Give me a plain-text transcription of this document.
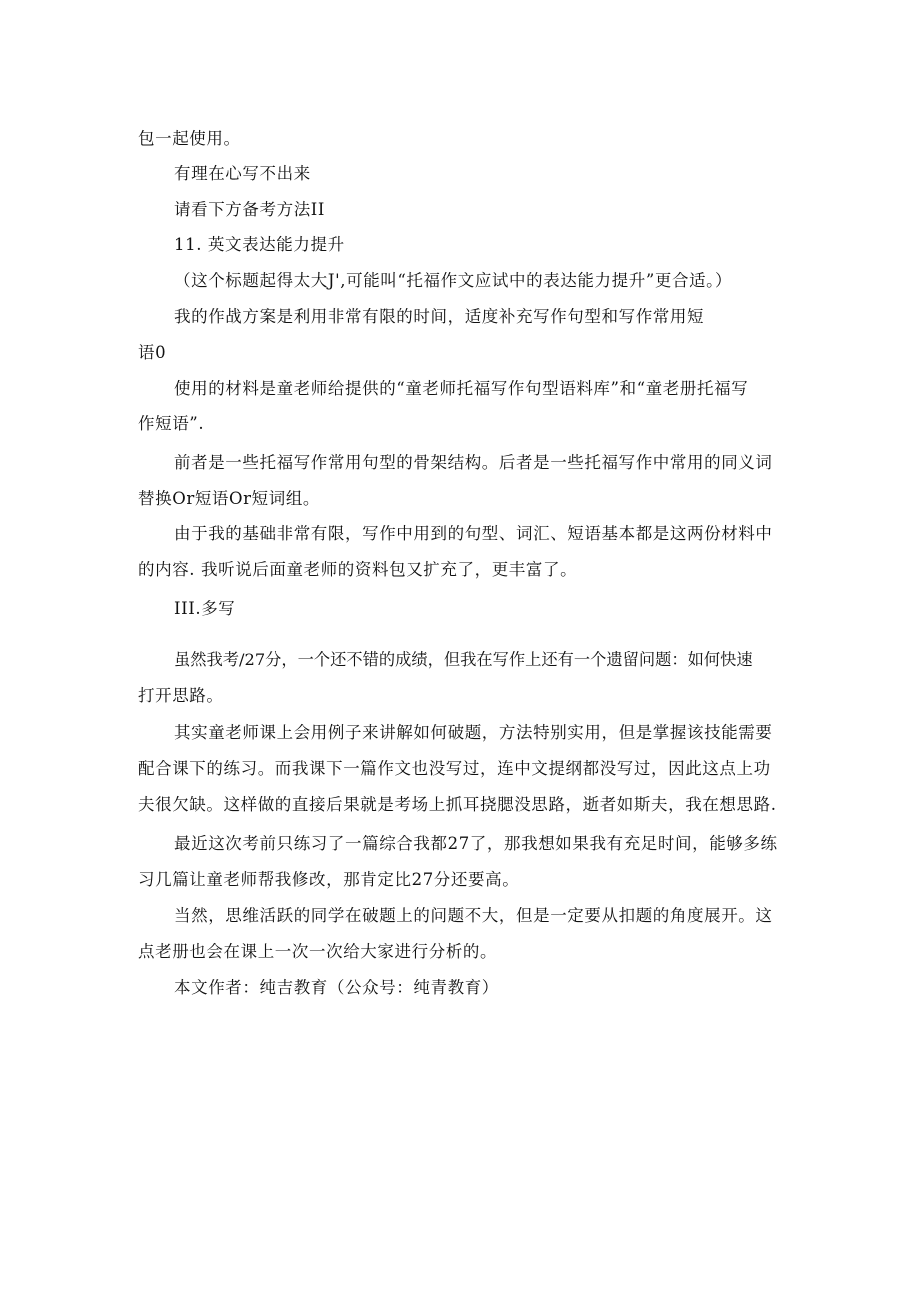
包一起使用。
有理在心写不出来
请看下方备考方法II
11. 英文表达能力提升
（这个标题起得太大J',可能叫“托福作文应试中的表达能力提升”更合适。）
我的作战方案是利用非常有限的时间，适度补充写作句型和写作常用短
语0
使用的材料是童老师给提供的“童老师托福写作句型语料库”和“童老册托福写
作短语”.
前者是一些托福写作常用句型的骨架结构。后者是一些托福写作中常用的同义词
替换Or短语Or短词组。
由于我的基础非常有限，写作中用到的句型、词汇、短语基本都是这两份材料中
的内容. 我听说后面童老师的资料包又扩充了，更丰富了。
III.多写
虽然我考/27分，一个还不错的成绩，但我在写作上还有一个遗留问题：如何快速
打开思路。
其实童老师课上会用例子来讲解如何破题，方法特别实用，但是掌握该技能需要
配合课下的练习。而我课下一篇作文也没写过，连中文提纲都没写过，因此这点上功
夫很欠缺。这样做的直接后果就是考场上抓耳挠腮没思路，逝者如斯夫，我在想思路.
最近这次考前只练习了一篇综合我都27了，那我想如果我有充足时间，能够多练
习几篇让童老师帮我修改，那肯定比27分还要高。
当然，思维活跃的同学在破题上的问题不大，但是一定要从扣题的角度展开。这
点老册也会在课上一次一次给大家进行分析的。
本文作者：纯吉教育（公众号：纯青教育）
